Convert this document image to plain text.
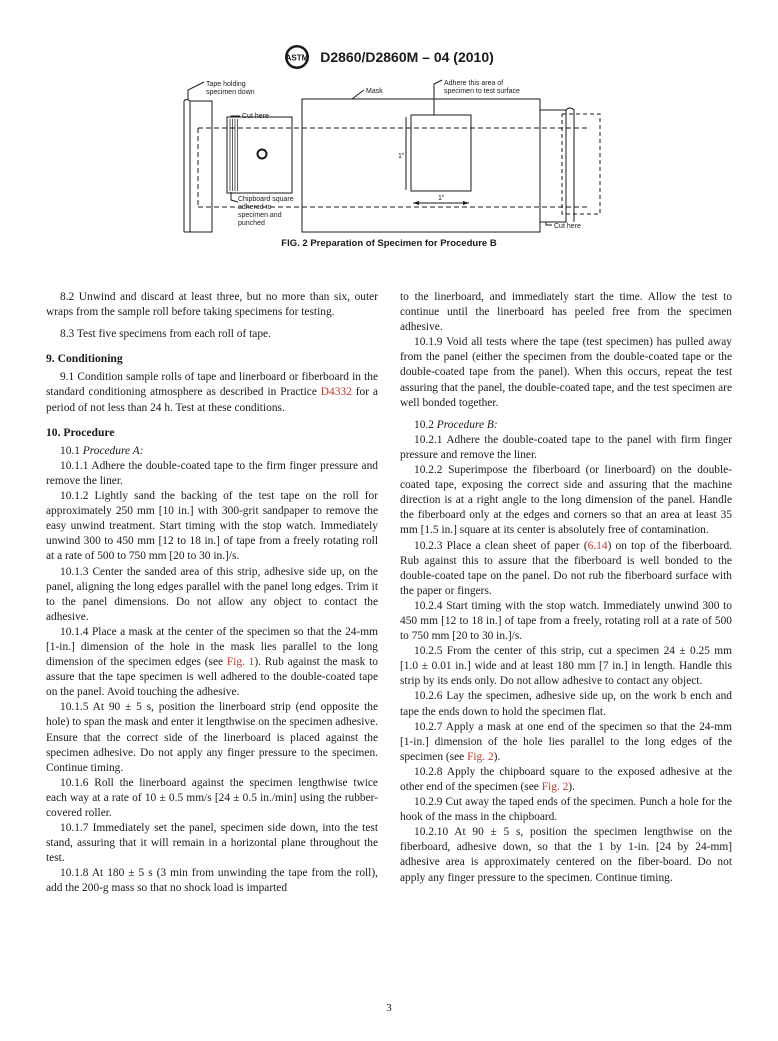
ASTM D2860/D2860M – 04 (2010)
Tape holding
specimen down	Mask
Adhere this area of
specimen to test surface
Cut here
Chipboard square
adhered to
specimen and
punched	Cut here
1"
1"
FIG. 2 Preparation of Specimen for Procedure B

8.2 Unwind and discard at least three, but no more than six, outer wraps from the sample roll before taking specimens for testing.

8.3 Test five specimens from each roll of tape.

9. Conditioning

9.1 Condition sample rolls of tape and linerboard or fiberboard in the standard conditioning atmosphere as described in Practice D4332 for a period of not less than 24 h. Test at these conditions.

10. Procedure

10.1 Procedure A:

10.1.1 Adhere the double-coated tape to the firm finger pressure and remove the liner.

10.1.2 Lightly sand the backing of the test tape on the roll for approximately 250 mm [10 in.] with 300-grit sandpaper to remove the easy unwind treatment. Start timing with the stop watch. Immediately unwind 300 to 450 mm [12 to 18 in.] of tape from a freely rotating roll at a rate of 500 to 750 mm [20 to 30 in.]/s.

10.1.3 Center the sanded area of this strip, adhesive side up, on the panel, aligning the long edges parallel with the panel long edges. Trim it to the panel dimensions. Do not allow any object to contact the adhesive.

10.1.4 Place a mask at the center of the specimen so that the 24-mm [1-in.] dimension of the hole in the mask lies parallel to the long dimension of the specimen edges (see Fig. 1). Rub against the mask to assure that the tape specimen is well adhered to the double-coated tape on the panel. Avoid touching the adhesive.

10.1.5 At 90 ± 5 s, position the linerboard strip (end opposite the hole) to span the mask and enter it lengthwise on the specimen adhesive. Ensure that the correct side of the linerboard is placed against the specimen adhesive. Do not apply any finger pressure to the specimen. Continue timing.

10.1.6 Roll the linerboard against the specimen lengthwise twice each way at a rate of 10 ± 0.5 mm/s [24 ± 0.5 in./min] using the rubber-covered roller.

10.1.7 Immediately set the panel, specimen side down, into the test stand, assuring that it will remain in a horizontal plane throughout the test.

10.1.8 At 180 ± 5 s (3 min from unwinding the tape from the roll), add the 200-g mass so that no shock load is imparted

to the linerboard, and immediately start the time. Allow the test to continue until the linerboard has peeled free from the specimen adhesive.

10.1.9 Void all tests where the tape (test specimen) has pulled away from the panel (either the specimen from the double-coated tape or the double-coated tape from the panel). When this occurs, repeat the test assuring that the panel, the double-coated tape, and the test specimen are well bonded together.

10.2 Procedure B:

10.2.1 Adhere the double-coated tape to the panel with firm finger pressure and remove the liner.

10.2.2 Superimpose the fiberboard (or linerboard) on the double-coated tape, exposing the correct side and assuring that the machine direction is at a right angle to the long dimension of the panel. Handle the fiberboard only at the edges and corners so that an area at least 35 mm [1.5 in.] square at its center is absolutely free of contamination.

10.2.3 Place a clean sheet of paper (6.14) on top of the fiberboard. Rub against this to assure that the fiberboard is well bonded to the double-coated tape on the panel. Do not rub the fiberboard surface with the paper or fingers.

10.2.4 Start timing with the stop watch. Immediately unwind 300 to 450 mm [12 to 18 in.] of tape from a freely, rotating roll at a rate of 500 to 750 mm [20 to 30 in.]/s.

10.2.5 From the center of this strip, cut a specimen 24 ± 0.25 mm [1.0 ± 0.01 in.] wide and at least 180 mm [7 in.] in length. Handle this strip by its ends only. Do not allow adhesive to contact any object.

10.2.6 Lay the specimen, adhesive side up, on the work b ench and tape the ends down to hold the specimen flat.

10.2.7 Apply a mask at one end of the specimen so that the 24-mm [1-in.] dimension of the hole lies parallel to the long edges of the specimen (see Fig. 2).

10.2.8 Apply the chipboard square to the exposed adhesive at the other end of the specimen (see Fig. 2).

10.2.9 Cut away the taped ends of the specimen. Punch a hole for the hook of the mass in the chipboard.

10.2.10 At 90 ± 5 s, position the specimen lengthwise on the fiberboard, adhesive down, so that the 1 by 1-in. [24 by 24-mm] adhesive area is approximately centered on the fiber-board. Do not apply any finger pressure to the specimen. Continue timing.

3
